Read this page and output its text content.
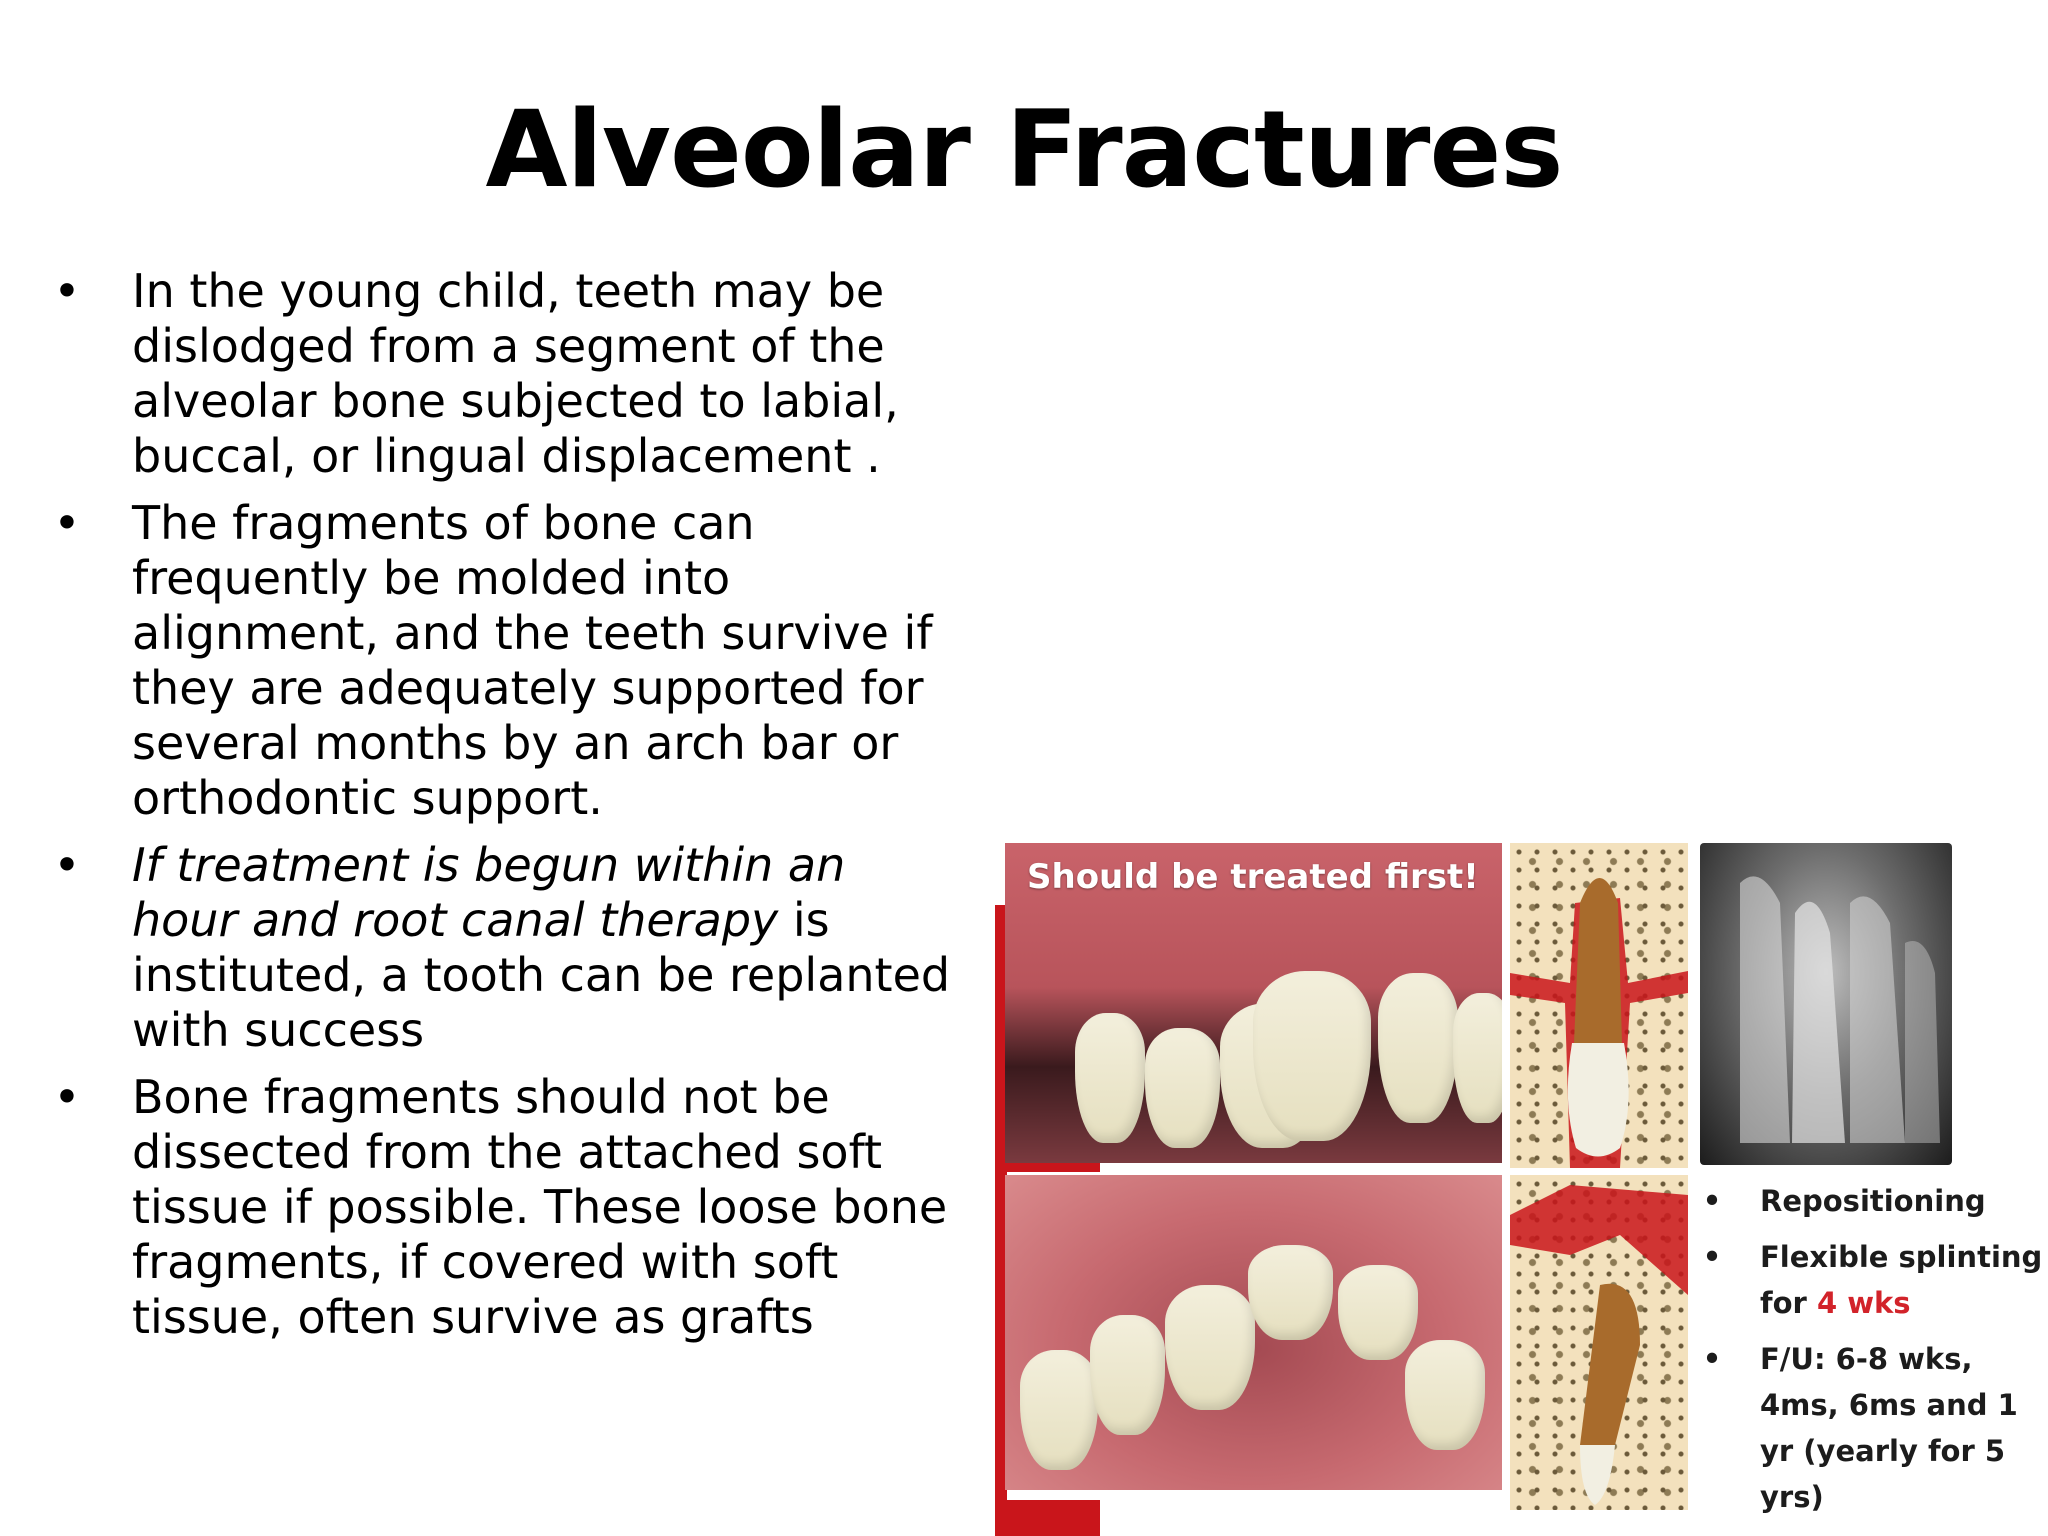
Alveolar Fractures
• In the young child, teeth may be dislodged from a segment of the alveolar bone subjected to labial, buccal, or lingual displacement .
• The fragments of bone can frequently be molded into alignment, and the teeth survive if they are adequately supported for several months by an arch bar or orthodontic support.
• If treatment is begun within an hour and root canal therapy is instituted, a tooth can be replanted with success
• Bone fragments should not be dissected from the attached soft tissue if possible. These loose bone fragments, if covered with soft tissue, often survive as grafts
Should be treated first!
• Repositioning
• Flexible splinting for 4 wks
• F/U: 6-8 wks, 4ms, 6ms and 1 yr (yearly for 5 yrs)
